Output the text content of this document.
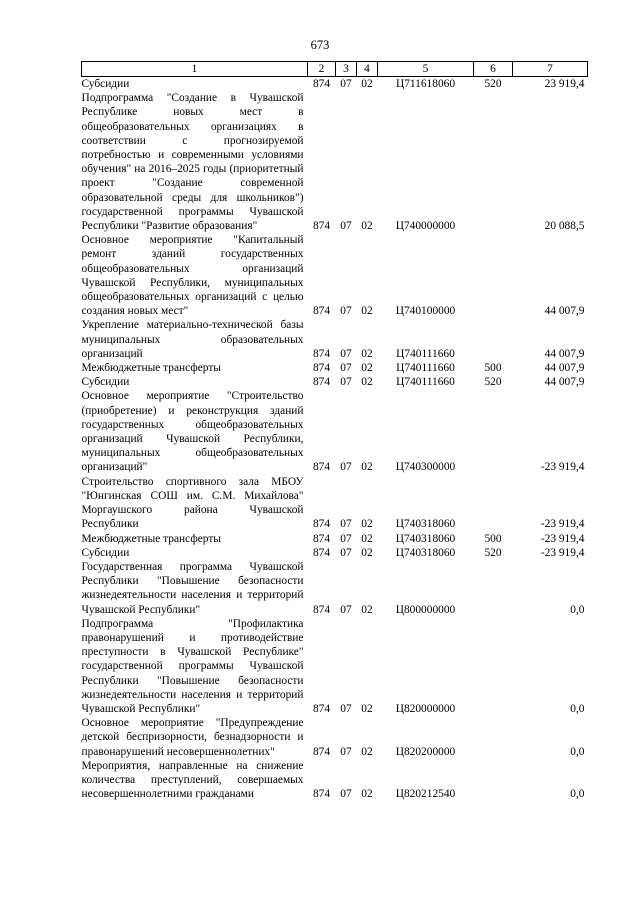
673
1	2	3	4	5	6	7
Субсидии	874	07	02	Ц711618060	520	23 919,4
Подпрограмма "Создание в Чувашской Республике новых мест в общеобразовательных организациях в соответствии с прогнозируемой потребностью и современными условиями обучения" на 2016–2025 годы (приоритетный проект "Создание современной образовательной среды для школьников") государственной программы Чувашской Республики "Развитие образования"	874	07	02	Ц740000000		20 088,5
Основное мероприятие "Капитальный ремонт зданий государственных общеобразовательных организаций Чувашской Республики, муниципальных общеобразовательных организаций с целью создания новых мест"	874	07	02	Ц740100000		44 007,9
Укрепление материально-технической базы муниципальных образовательных организаций	874	07	02	Ц740111660		44 007,9
Межбюджетные трансферты	874	07	02	Ц740111660	500	44 007,9
Субсидии	874	07	02	Ц740111660	520	44 007,9
Основное мероприятие "Строительство (приобретение) и реконструкция зданий государственных общеобразовательных организаций Чувашской Республики, муниципальных общеобразовательных организаций"	874	07	02	Ц740300000		-23 919,4
Строительство спортивного зала МБОУ "Юнгинская СОШ им. С.М. Михайлова" Моргаушского района Чувашской Республики	874	07	02	Ц740318060		-23 919,4
Межбюджетные трансферты	874	07	02	Ц740318060	500	-23 919,4
Субсидии	874	07	02	Ц740318060	520	-23 919,4
Государственная программа Чувашской Республики "Повышение безопасности жизнедеятельности населения и территорий Чувашской Республики"	874	07	02	Ц800000000		0,0
Подпрограмма "Профилактика правонарушений и противодействие преступности в Чувашской Республике" государственной программы Чувашской Республики "Повышение безопасности жизнедеятельности населения и территорий Чувашской Республики"	874	07	02	Ц820000000		0,0
Основное мероприятие "Предупреждение детской беспризорности, безнадзорности и правонарушений несовершеннолетних"	874	07	02	Ц820200000		0,0
Мероприятия, направленные на снижение количества преступлений, совершаемых несовершеннолетними гражданами	874	07	02	Ц820212540		0,0
